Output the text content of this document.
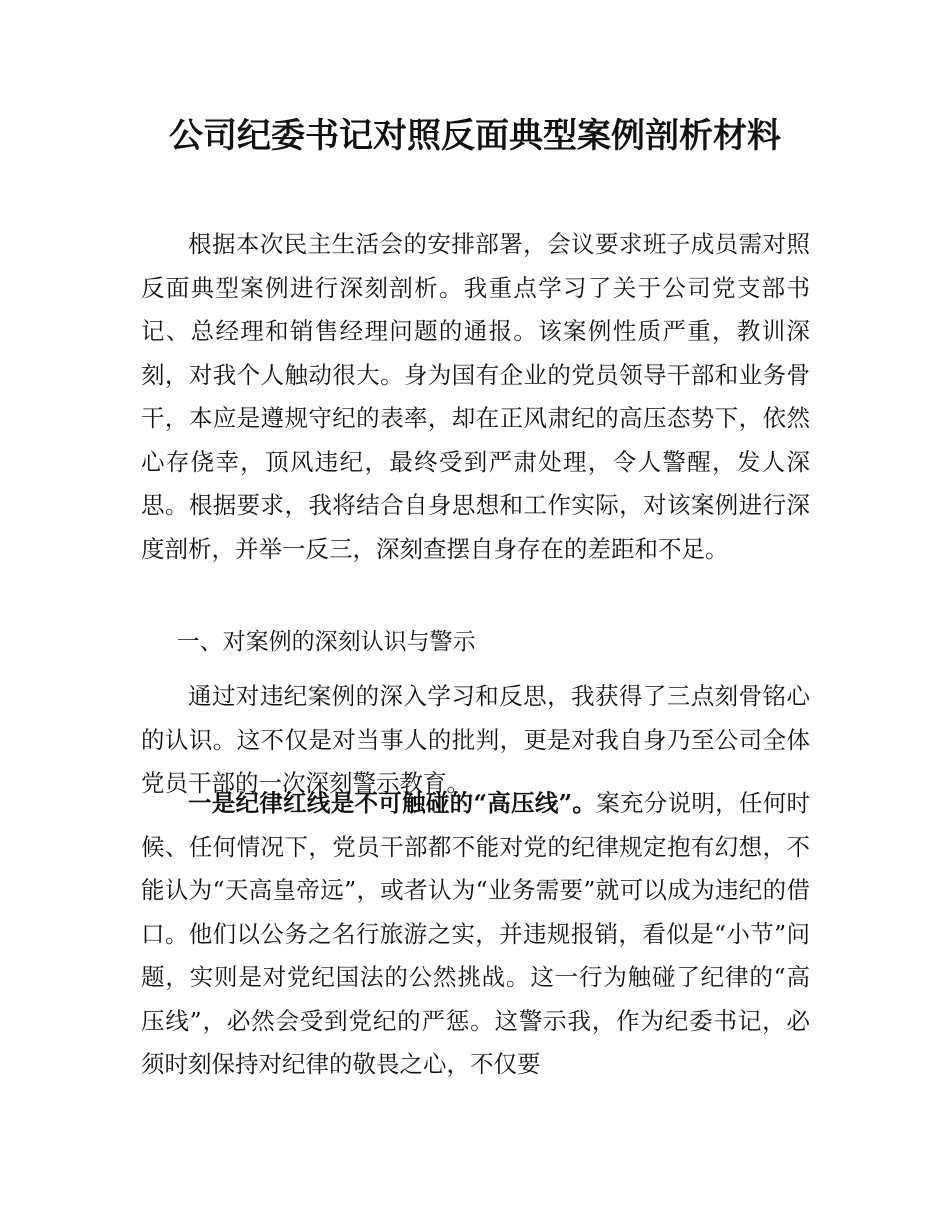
公司纪委书记对照反面典型案例剖析材料

根据本次民主生活会的安排部署，会议要求班子成员需对照反面典型案例进行深刻剖析。我重点学习了关于公司党支部书记、总经理和销售经理问题的通报。该案例性质严重，教训深刻，对我个人触动很大。身为国有企业的党员领导干部和业务骨干，本应是遵规守纪的表率，却在正风肃纪的高压态势下，依然心存侥幸，顶风违纪，最终受到严肃处理，令人警醒，发人深思。根据要求，我将结合自身思想和工作实际，对该案例进行深度剖析，并举一反三，深刻查摆自身存在的差距和不足。

一、对案例的深刻认识与警示

通过对违纪案例的深入学习和反思，我获得了三点刻骨铭心的认识。这不仅是对当事人的批判，更是对我自身乃至公司全体党员干部的一次深刻警示教育。

一是纪律红线是不可触碰的“高压线”。案充分说明，任何时候、任何情况下，党员干部都不能对党的纪律规定抱有幻想，不能认为“天高皇帝远”，或者认为“业务需要”就可以成为违纪的借口。他们以公务之名行旅游之实，并违规报销，看似是“小节”问题，实则是对党纪国法的公然挑战。这一行为触碰了纪律的“高压线”，必然会受到党纪的严惩。这警示我，作为纪委书记，必须时刻保持对纪律的敬畏之心，不仅要
